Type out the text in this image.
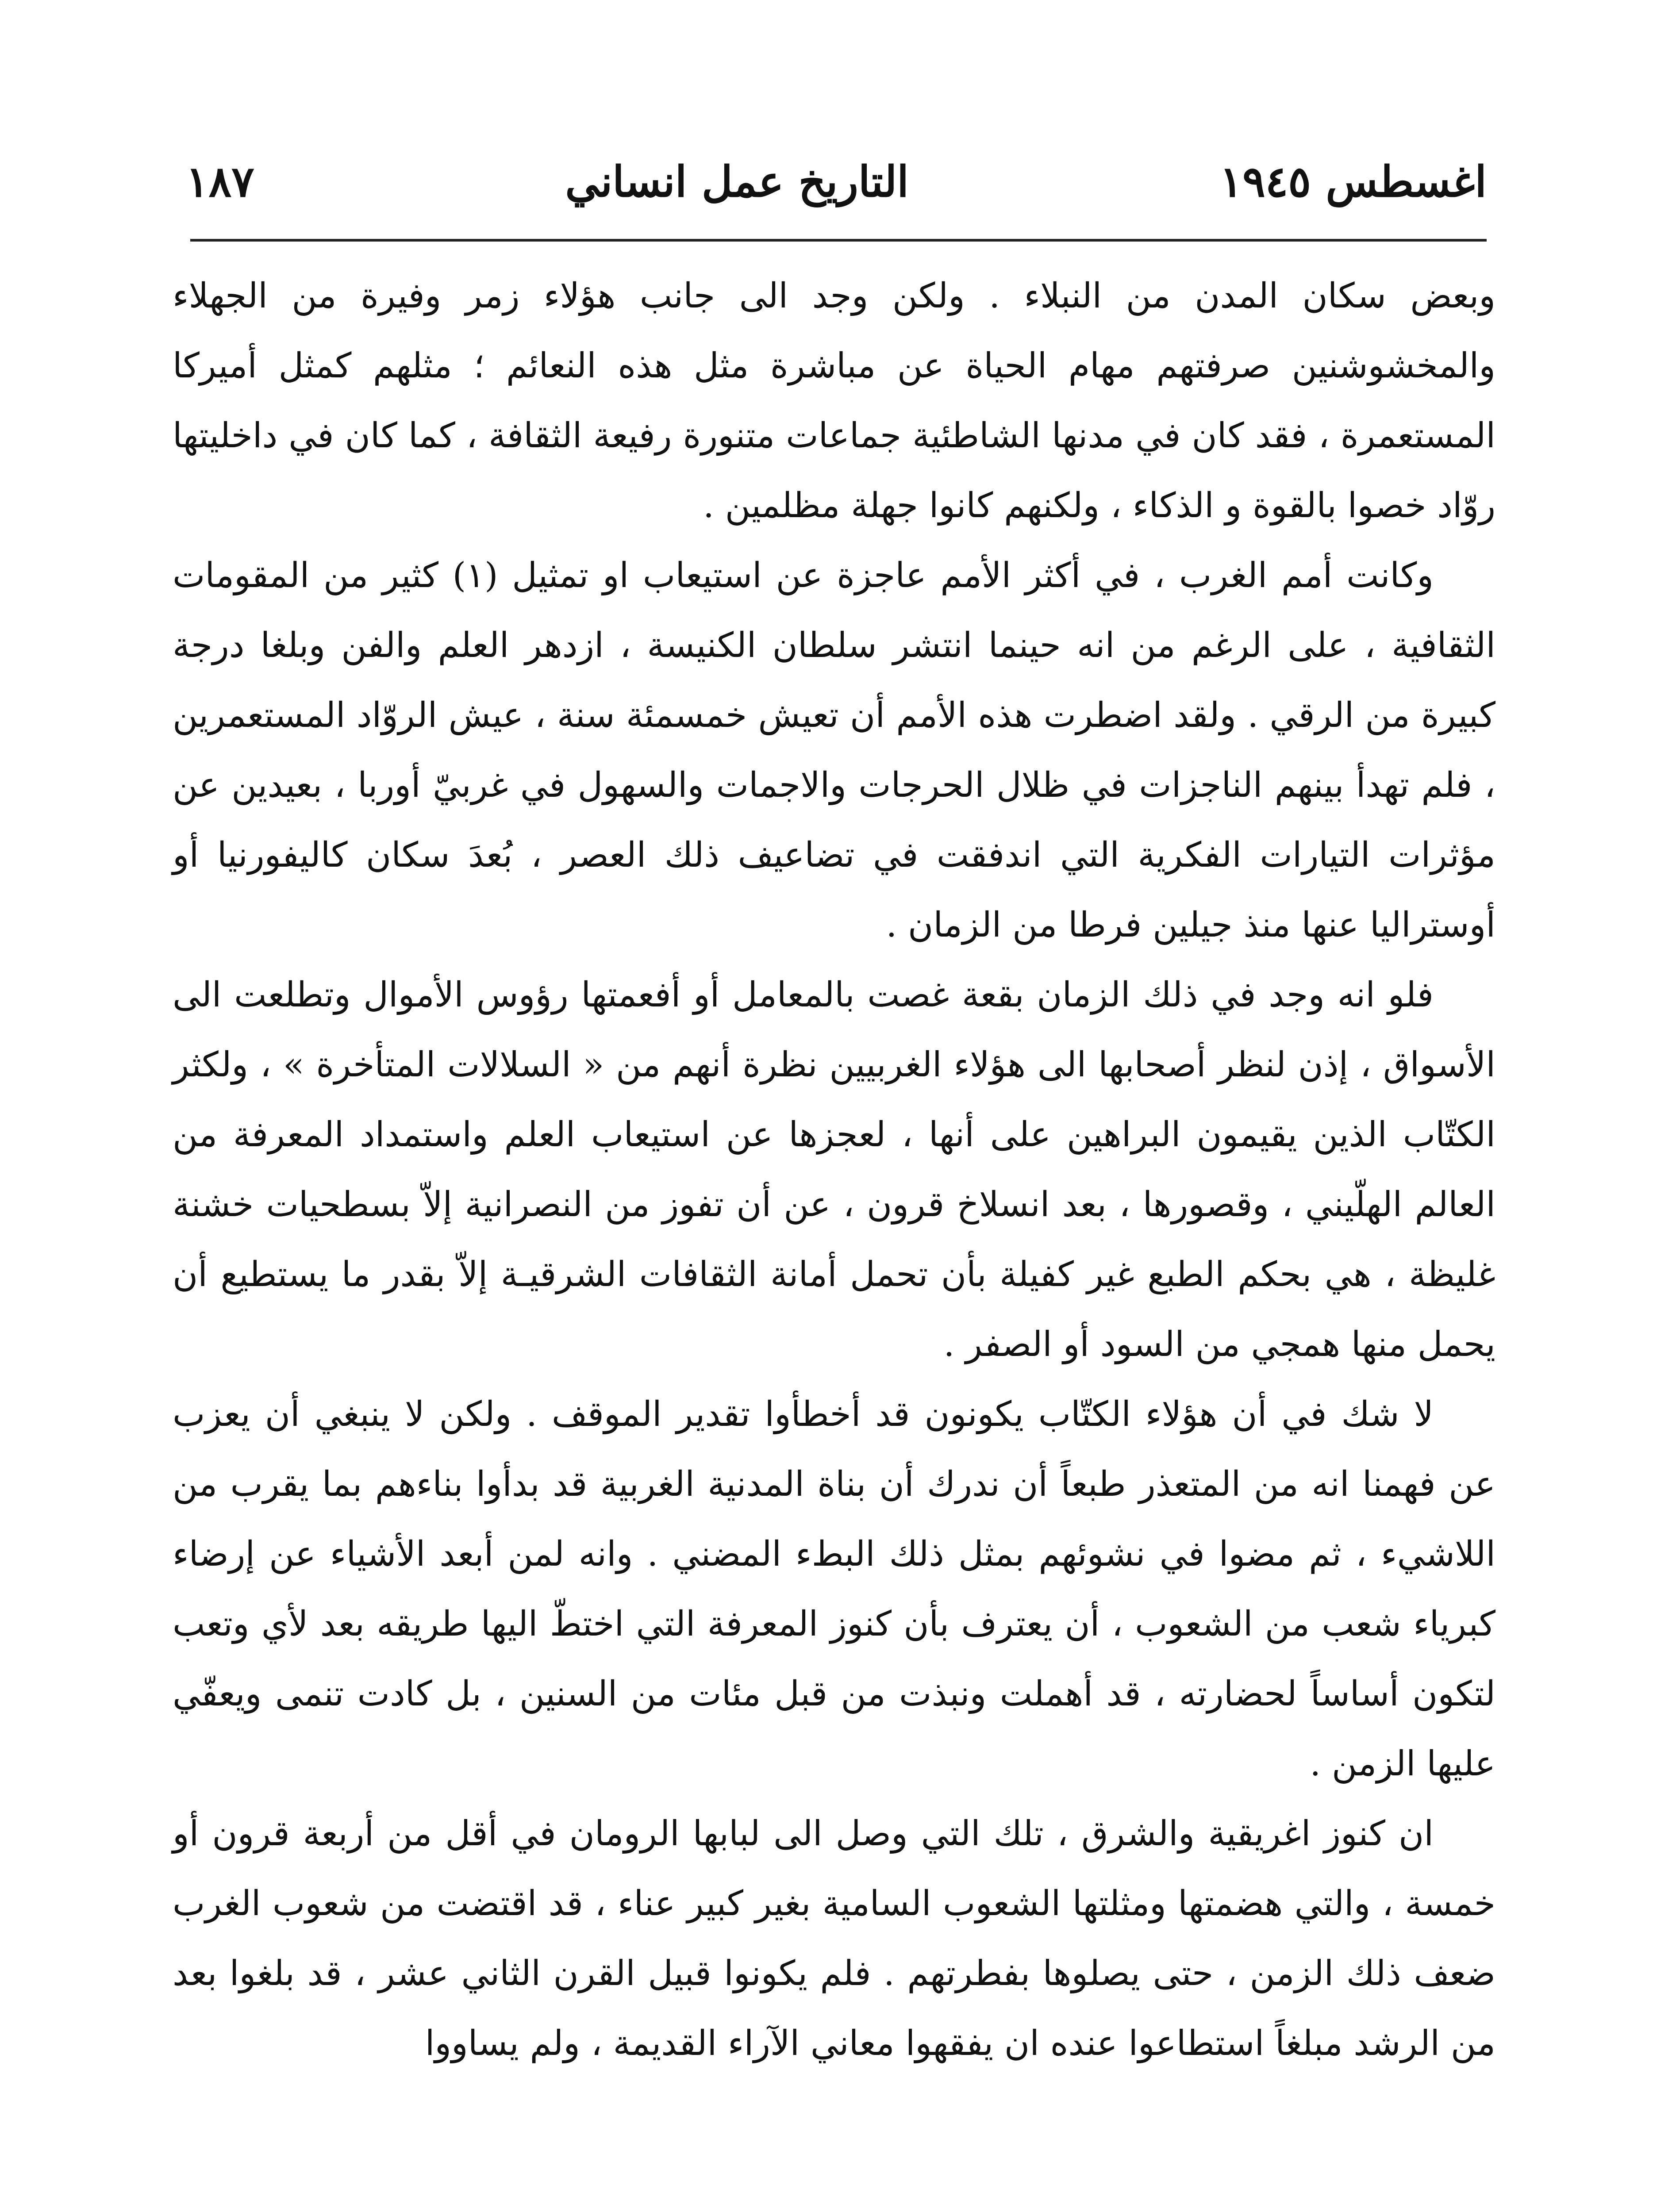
اغسطس ١٩٤٥
التاريخ عمل انساني
١٨٧

وبعض سكان المدن من النبلاء . ولكن وجد الى جانب هؤلاء زمر وفيرة من الجهلاء والمخشوشنين صرفتهم مهام الحياة عن مباشرة مثل هذه النعائم ؛ مثلهم كمثل أميركا المستعمرة ، فقد كان في مدنها الشاطئية جماعات متنورة رفيعة الثقافة ، كما كان في داخليتها روّاد خصوا بالقوة و الذكاء ، ولكنهم كانوا جهلة مظلمين .

وكانت أمم الغرب ، في أكثر الأمم عاجزة عن استيعاب او تمثيل (١) كثير من المقومات الثقافية ، على الرغم من انه حينما انتشر سلطان الكنيسة ، ازدهر العلم والفن وبلغا درجة كبيرة من الرقي . ولقد اضطرت هذه الأمم أن تعيش خمسمئة سنة ، عيش الروّاد المستعمرين ، فلم تهدأ بينهم الناجزات في ظلال الحرجات والاجمات والسهول في غربيّ أوربا ، بعيدين عن مؤثرات التيارات الفكرية التي اندفقت في تضاعيف ذلك العصر ، بُعدَ سكان كاليفورنيا أو أوستراليا عنها منذ جيلين فرطا من الزمان .

فلو انه وجد في ذلك الزمان بقعة غصت بالمعامل أو أفعمتها رؤوس الأموال وتطلعت الى الأسواق ، إذن لنظر أصحابها الى هؤلاء الغربيين نظرة أنهم من « السلالات المتأخرة » ، ولكثر الكتّاب الذين يقيمون البراهين على أنها ، لعجزها عن استيعاب العلم واستمداد المعرفة من العالم الهلّيني ، وقصورها ، بعد انسلاخ قرون ، عن أن تفوز من النصرانية إلاّ بسطحيات خشنة غليظة ، هي بحكم الطبع غير كفيلة بأن تحمل أمانة الثقافات الشرقيـة إلاّ بقدر ما يستطيع أن يحمل منها همجي من السود أو الصفر .

لا شك في أن هؤلاء الكتّاب يكونون قد أخطأوا تقدير الموقف . ولكن لا ينبغي أن يعزب عن فهمنا انه من المتعذر طبعاً أن ندرك أن بناة المدنية الغربية قد بدأوا بناءهم بما يقرب من اللاشيء ، ثم مضوا في نشوئهم بمثل ذلك البطء المضني . وانه لمن أبعد الأشياء عن إرضاء كبرياء شعب من الشعوب ، أن يعترف بأن كنوز المعرفة التي اختطّ اليها طريقه بعد لأي وتعب لتكون أساساً لحضارته ، قد أهملت ونبذت من قبل مئات من السنين ، بل كادت تنمى ويعفّي عليها الزمن .

ان كنوز اغريقية والشرق ، تلك التي وصل الى لبابها الرومان في أقل من أربعة قرون أو خمسة ، والتي هضمتها ومثلتها الشعوب السامية بغير كبير عناء ، قد اقتضت من شعوب الغرب ضعف ذلك الزمن ، حتى يصلوها بفطرتهم . فلم يكونوا قبيل القرن الثاني عشر ، قد بلغوا بعد من الرشد مبلغاً استطاعوا عنده ان يفقهوا معاني الآراء القديمة ، ولم يساووا
